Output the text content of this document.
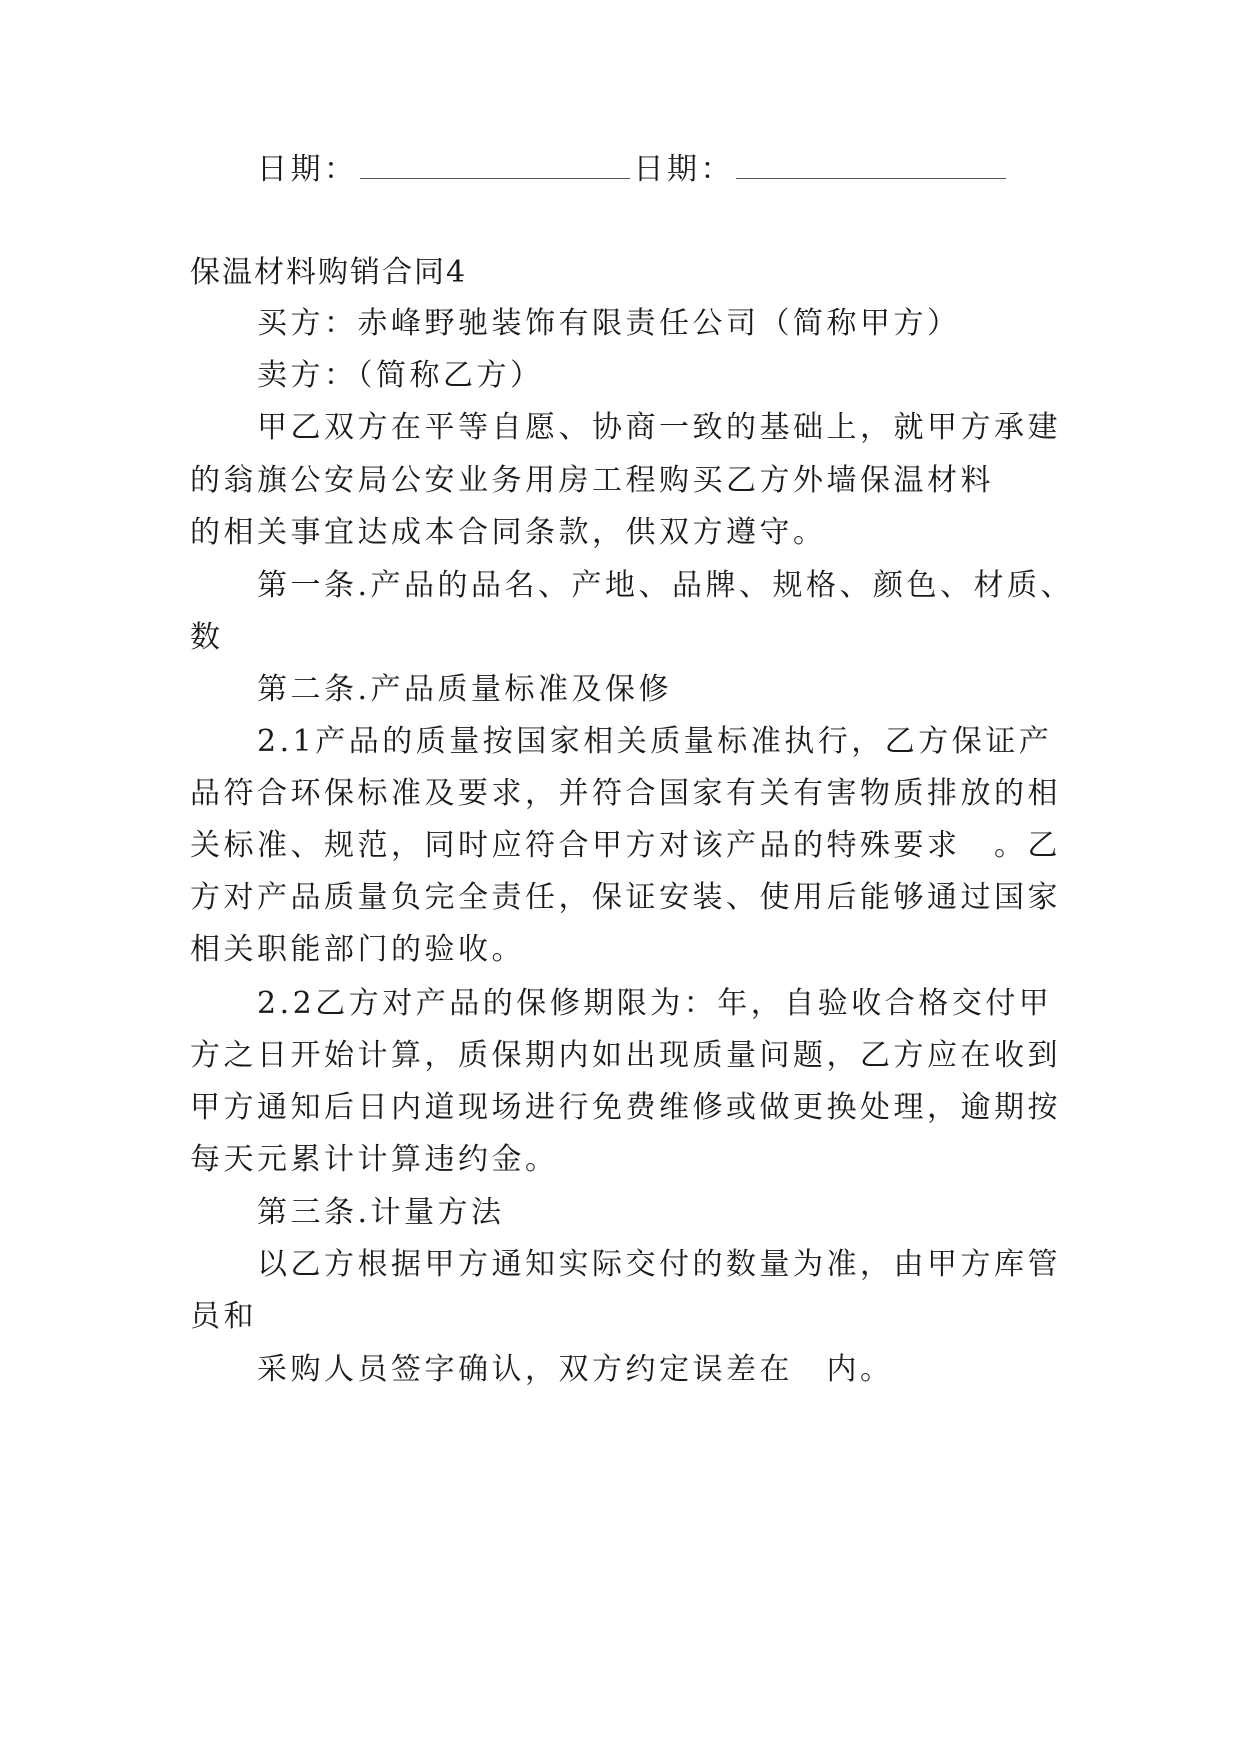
日期：	日期：
保温材料购销合同4
买方：赤峰野驰装饰有限责任公司（简称甲方）
卖方：（简称乙方）
甲乙双方在平等自愿、协商一致的基础上，就甲方承建
的翁旗公安局公安业务用房工程购买乙方外墙保温材料
的相关事宜达成本合同条款，供双方遵守。
第一条.产品的品名、产地、品牌、规格、颜色、材质、
数
第二条.产品质量标准及保修
2.1产品的质量按国家相关质量标准执行，乙方保证产
品符合环保标准及要求，并符合国家有关有害物质排放的相
关标准、规范，同时应符合甲方对该产品的特殊要求　。乙
方对产品质量负完全责任，保证安装、使用后能够通过国家
相关职能部门的验收。
2.2乙方对产品的保修期限为：年，自验收合格交付甲
方之日开始计算，质保期内如出现质量问题，乙方应在收到
甲方通知后日内道现场进行免费维修或做更换处理，逾期按
每天元累计计算违约金。
第三条.计量方法
以乙方根据甲方通知实际交付的数量为准，由甲方库管
员和
采购人员签字确认，双方约定误差在　内。
